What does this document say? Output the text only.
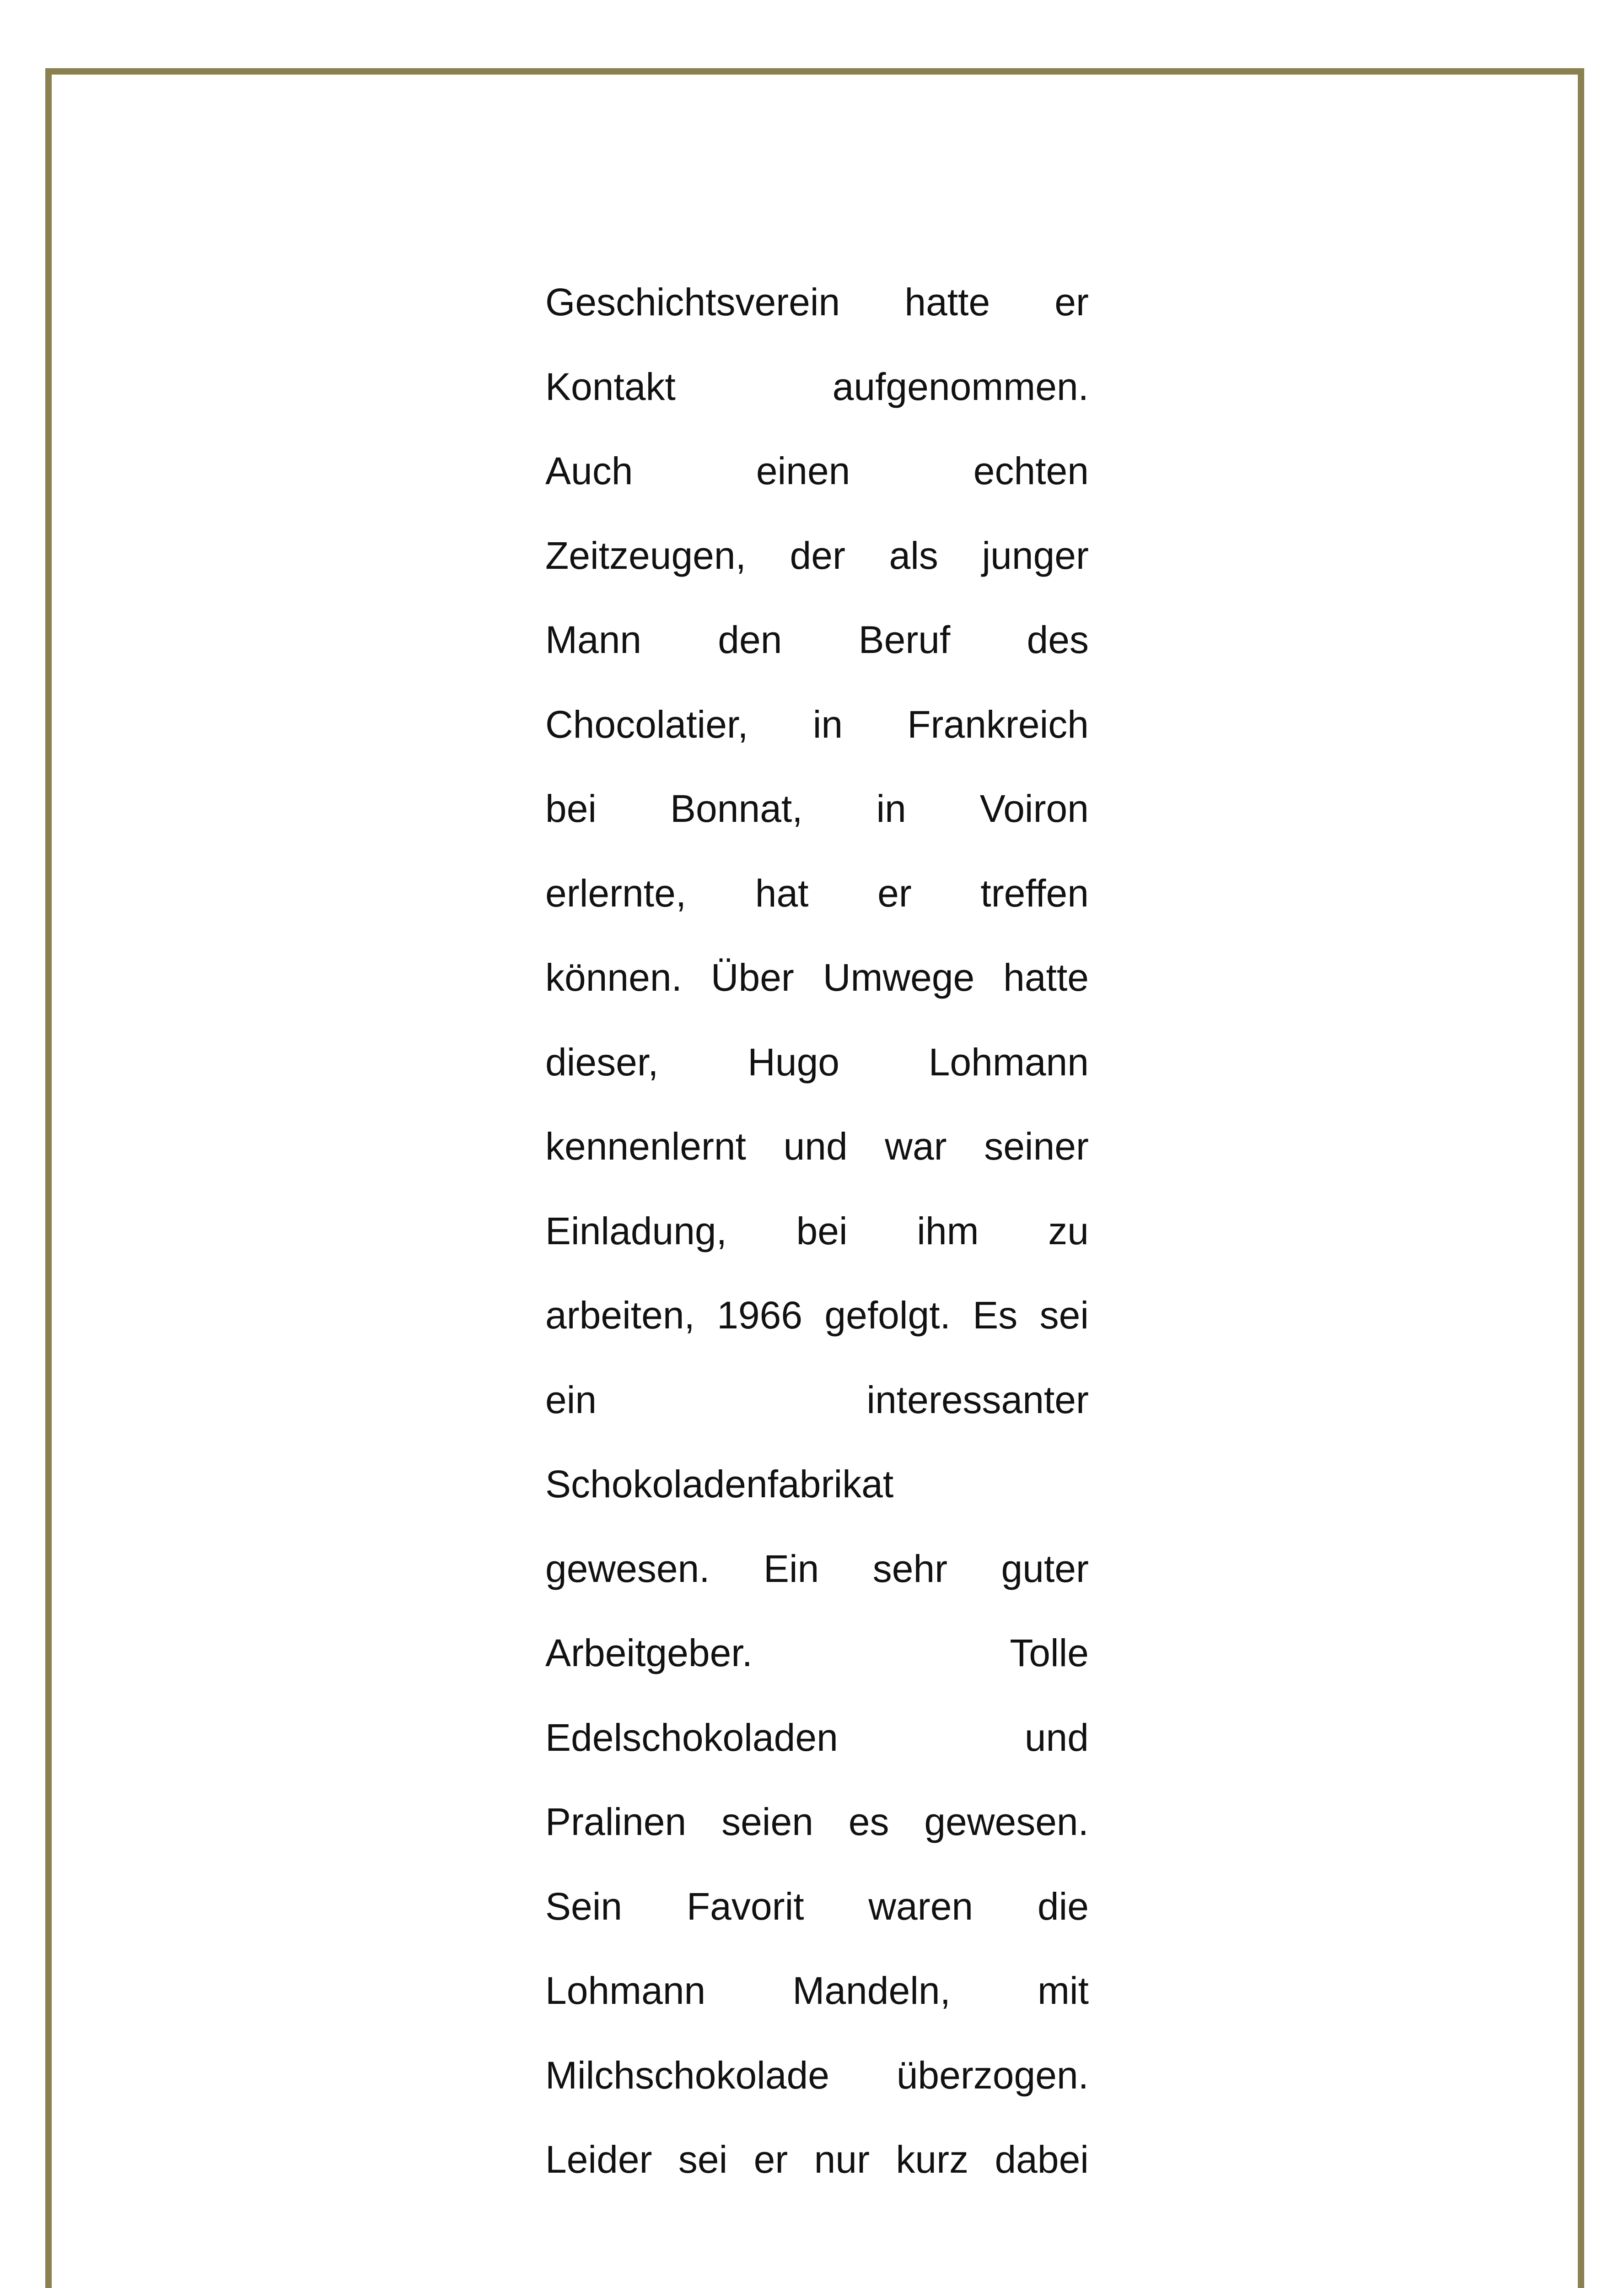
Geschichtsverein hatte er
Kontakt	aufgenommen.
Auch	einen	echten
Zeitzeugen, der als junger
Mann den Beruf des
Chocolatier, in Frankreich
bei Bonnat, in Voiron
erlernte, hat er treffen
können. Über Umwege hatte
dieser, Hugo Lohmann
kennenlernt und war seiner
Einladung, bei ihm zu
arbeiten, 1966 gefolgt. Es sei
ein	interessanter
Schokoladenfabrikat
gewesen. Ein sehr guter
Arbeitgeber.	Tolle
Edelschokoladen	und
Pralinen seien es gewesen.
Sein Favorit waren die
Lohmann Mandeln, mit
Milchschokolade überzogen.
Leider sei er nur kurz dabei
